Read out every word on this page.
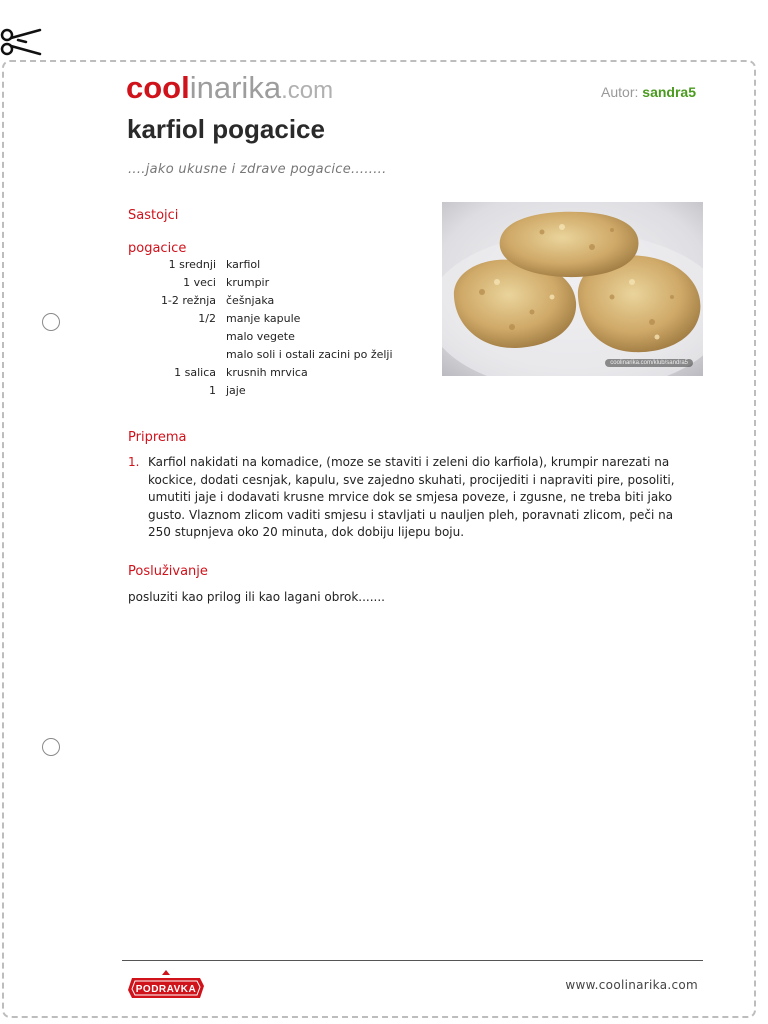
coolinarika.com	Autor: sandra5
karfiol pogacice
....jako ukusne i zdrave pogacice........
Sastojci
pogacice
1 srednji	karfiol
1 veci	krumpir
1-2 režnja	češnjaka
1/2	manje kapule
	malo vegete
	malo soli i ostali zacini po želji
1 salica	krusnih mrvica
1	jaje
coolinarika.com/klub/sandra5
Priprema
1. Karfiol nakidati na komadice, (moze se staviti i zeleni dio karfiola), krumpir narezati na kockice, dodati cesnjak, kapulu, sve zajedno skuhati, procijediti i napraviti pire, posoliti, umutiti jaje i dodavati krusne mrvice dok se smjesa poveze, i zgusne, ne treba biti jako gusto. Vlaznom zlicom vaditi smjesu i stavljati u nauljen pleh, poravnati zlicom, peči na 250 stupnjeva oko 20 minuta, dok dobiju lijepu boju.
Posluživanje
posluziti kao prilog ili kao lagani obrok.......
PODRAVKA	www.coolinarika.com
